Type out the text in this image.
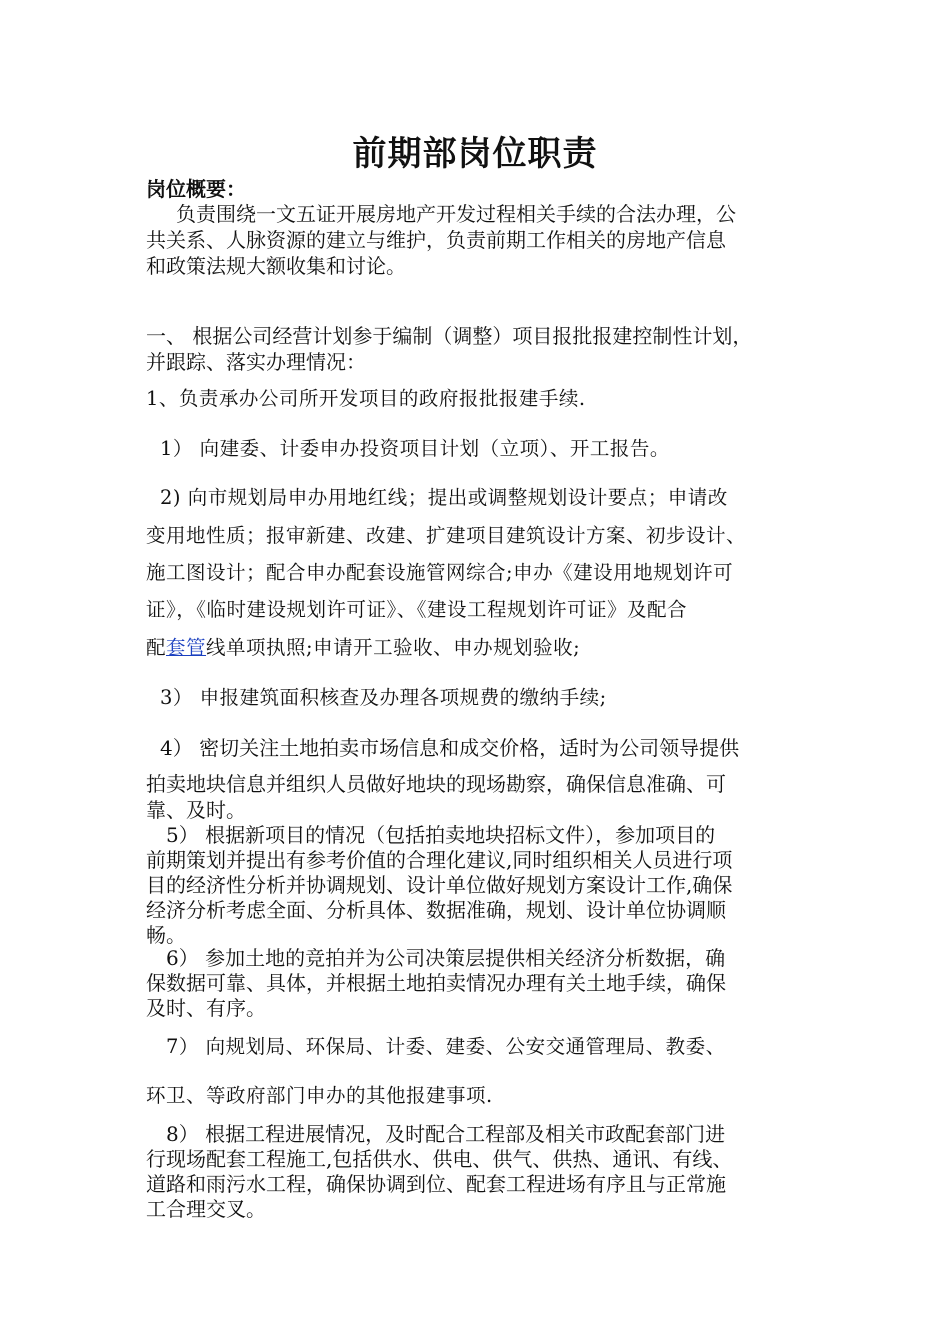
前期部岗位职责
岗位概要：
负责围绕一文五证开展房地产开发过程相关手续的合法办理，公
共关系、人脉资源的建立与维护，负责前期工作相关的房地产信息
和政策法规大额收集和讨论。
一、 根据公司经营计划参于编制（调整）项目报批报建控制性计划，
并跟踪、落实办理情况：
1、负责承办公司所开发项目的政府报批报建手续.
1） 向建委、计委申办投资项目计划（立项）、开工报告。
2) 向市规划局申办用地红线；提出或调整规划设计要点；申请改
变用地性质；报审新建、改建、扩建项目建筑设计方案、初步设计、
施工图设计；配合申办配套设施管网综合;申办《建设用地规划许可
证》，《临时建设规划许可证》、《建设工程规划许可证》及配合
配套管线单项执照;申请开工验收、申办规划验收;
3） 申报建筑面积核查及办理各项规费的缴纳手续;
4） 密切关注土地拍卖市场信息和成交价格，适时为公司领导提供
拍卖地块信息并组织人员做好地块的现场勘察，确保信息准确、可
靠、及时。
5） 根据新项目的情况（包括拍卖地块招标文件），参加项目的
前期策划并提出有参考价值的合理化建议,同时组织相关人员进行项
目的经济性分析并协调规划、设计单位做好规划方案设计工作,确保
经济分析考虑全面、分析具体、数据准确，规划、设计单位协调顺
畅。
6） 参加土地的竞拍并为公司决策层提供相关经济分析数据，确
保数据可靠、具体，并根据土地拍卖情况办理有关土地手续，确保
及时、有序。
7） 向规划局、环保局、计委、建委、公安交通管理局、教委、
环卫、等政府部门申办的其他报建事项.
8） 根据工程进展情况，及时配合工程部及相关市政配套部门进
行现场配套工程施工,包括供水、供电、供气、供热、通讯、有线、
道路和雨污水工程，确保协调到位、配套工程进场有序且与正常施
工合理交叉。
